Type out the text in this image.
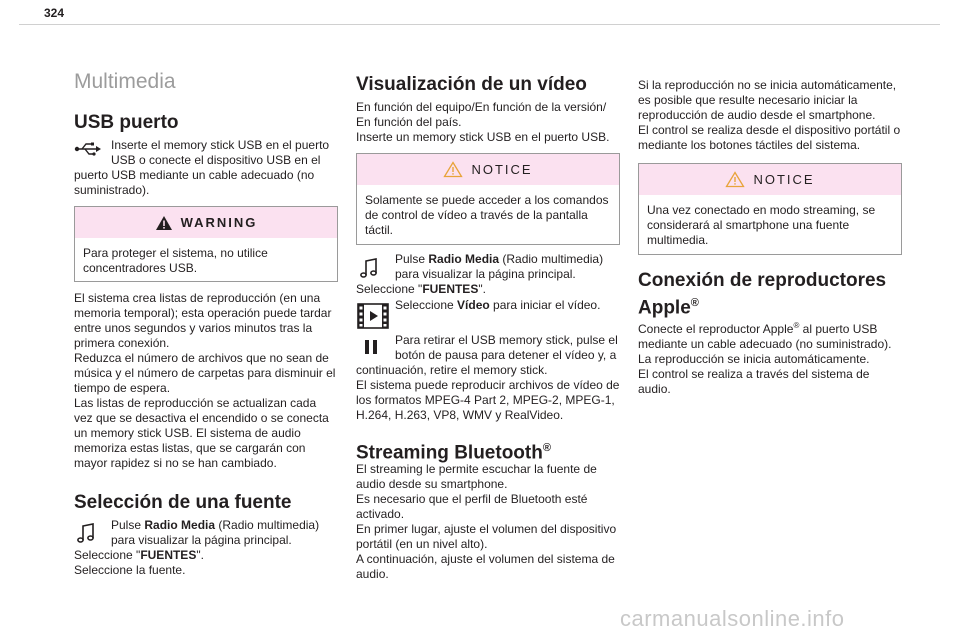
324
Multimedia
USB puerto

Inserte el memory stick USB en el puerto USB o conecte el dispositivo USB en el

puerto USB mediante un cable adecuado (no suministrado).

WARNING

Para proteger el sistema, no utilice concentradores USB.

El sistema crea listas de reproducción (en una memoria temporal); esta operación puede tardar entre unos segundos y varios minutos tras la primera conexión.
Reduzca el número de archivos que no sean de música y el número de carpetas para disminuir el tiempo de espera.
Las listas de reproducción se actualizan cada vez que se desactiva el encendido o se conecta un memory stick USB. El sistema de audio memoriza estas listas, que se cargarán con mayor rapidez si no se han cambiado.

Selección de una fuente

Pulse Radio Media (Radio multimedia) para visualizar la página principal.

Seleccione "FUENTES".

Seleccione la fuente.

Visualización de un vídeo

En función del equipo/En función de la versión/
En función del país.
Inserte un memory stick USB en el puerto USB.

NOTICE

Solamente se puede acceder a los comandos de control de vídeo a través de la pantalla táctil.

Pulse Radio Media (Radio multimedia) para visualizar la página principal.

Seleccione "FUENTES".

Seleccione Vídeo para iniciar el vídeo.

Para retirar el USB memory stick, pulse el botón de pausa para detener el vídeo y, a

continuación, retire el memory stick.

El sistema puede reproducir archivos de vídeo de los formatos MPEG-4 Part 2, MPEG-2, MPEG-1, H.264, H.263, VP8, WMV y RealVideo.

Streaming Bluetooth®

El streaming le permite escuchar la fuente de audio desde su smartphone.
Es necesario que el perfil de Bluetooth esté activado.
En primer lugar, ajuste el volumen del dispositivo portátil (en un nivel alto).
A continuación, ajuste el volumen del sistema de audio.

Si la reproducción no se inicia automáticamente, es posible que resulte necesario iniciar la reproducción de audio desde el smartphone.
El control se realiza desde el dispositivo portátil o mediante los botones táctiles del sistema.

NOTICE

Una vez conectado en modo streaming, se considerará al smartphone una fuente multimedia.

Conexión de reproductores
Apple®

Conecte el reproductor Apple® al puerto USB mediante un cable adecuado (no suministrado).
La reproducción se inicia automáticamente.
El control se realiza a través del sistema de audio.

carmanualsonline.info
